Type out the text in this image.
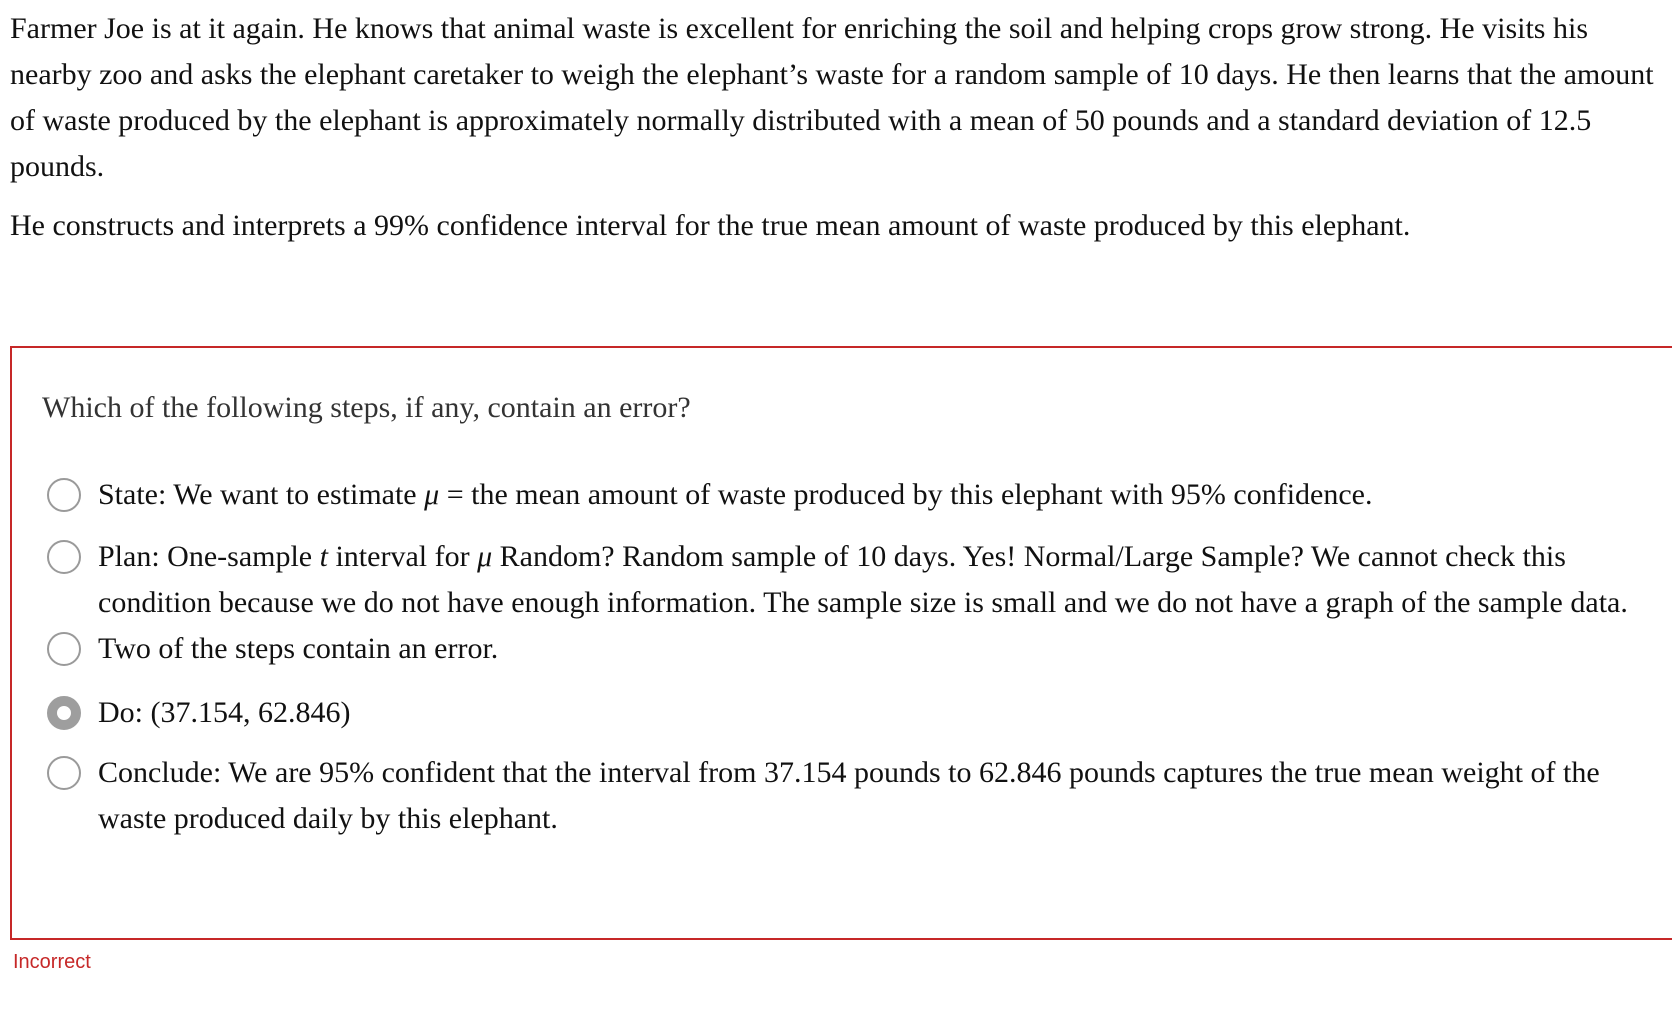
Farmer Joe is at it again. He knows that animal waste is excellent for enriching the soil and helping crops grow strong. He visits his nearby zoo and asks the elephant caretaker to weigh the elephant’s waste for a random sample of 10 days. He then learns that the amount of waste produced by the elephant is approximately normally distributed with a mean of 50 pounds and a standard deviation of 12.5 pounds.

He constructs and interprets a 99% confidence interval for the true mean amount of waste produced by this elephant.

Which of the following steps, if any, contain an error?
State: We want to estimate μ = the mean amount of waste produced by this elephant with 95% confidence.
Plan: One-sample t interval for μ Random? Random sample of 10 days. Yes! Normal/Large Sample? We cannot check this condition because we do not have enough information. The sample size is small and we do not have a graph of the sample data.
Two of the steps contain an error.
Do: (37.154, 62.846)
Conclude: We are 95% confident that the interval from 37.154 pounds to 62.846 pounds captures the true mean weight of the waste produced daily by this elephant.
Incorrect
